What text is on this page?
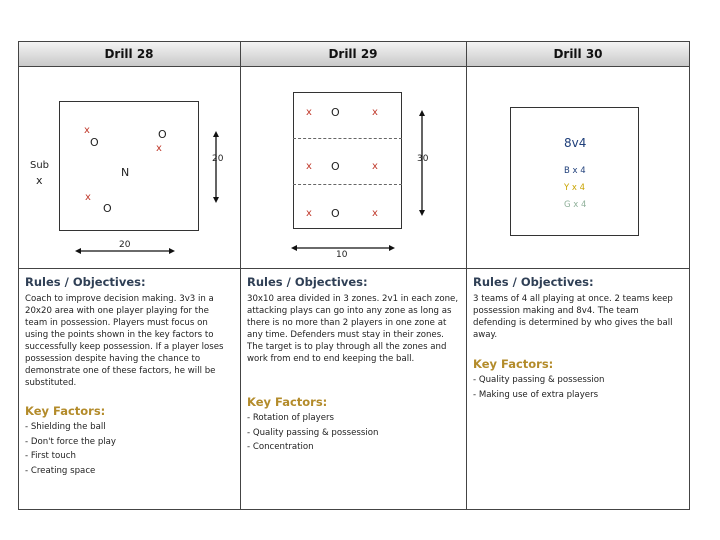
Drill 28	Drill 29	Drill 30
Sub
x
x
O
O
x
N
x
O
20
20
x O	x
x O	x
x O	x
30
10
8v4
B x 4
Y x 4
G x 4
Rules / Objectives:
Coach to improve decision making. 3v3 in a 20x20 area with one player playing for the team in possession. Players must focus on using the points shown in the key factors to successfully keep possession. If a player loses possession despite having the chance to demonstrate one of these factors, he will be substituted.
Key Factors:
- Shielding the ball
- Don't force the play
- First touch
- Creating space
Rules / Objectives:
30x10 area divided in 3 zones. 2v1 in each zone, attacking plays can go into any zone as long as there is no more than 2 players in one zone at any time. Defenders must stay in their zones. The target is to play through all the zones and work from end to end keeping the ball.
Key Factors:
- Rotation of players
- Quality passing & possession
- Concentration
Rules / Objectives:
3 teams of 4 all playing at once. 2 teams keep possession making and 8v4. The team defending is determined by who gives the ball away.
Key Factors:
- Quality passing & possession
- Making use of extra players
